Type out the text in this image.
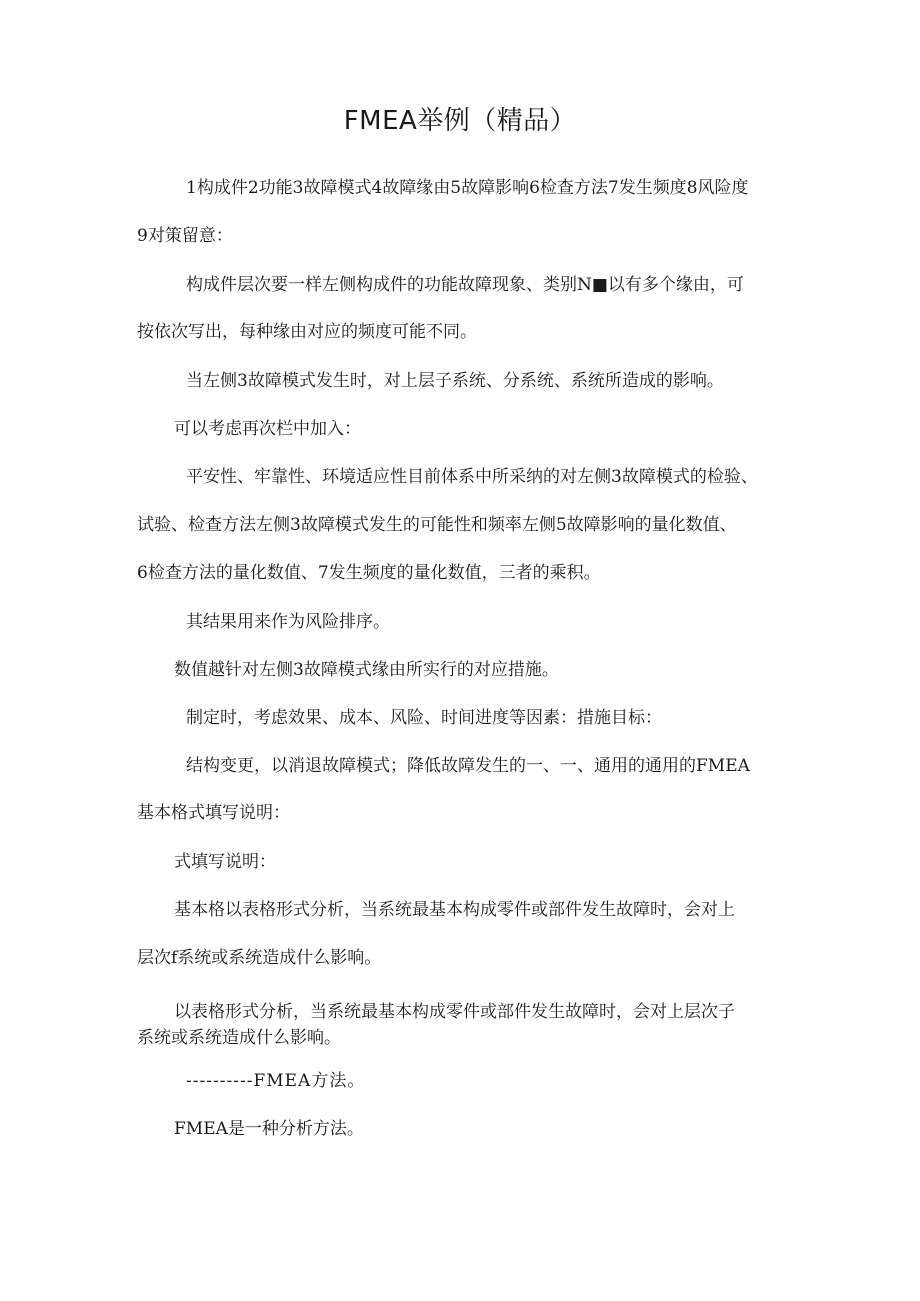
FMEA举例（精品）
1构成件2功能3故障模式4故障缘由5故障影响6检查方法7发生频度8风险度
9对策留意：
构成件层次要一样左侧构成件的功能故障现象、类别N■以有多个缘由，可
按依次写出，每种缘由对应的频度可能不同。
当左侧3故障模式发生时，对上层子系统、分系统、系统所造成的影响。
可以考虑再次栏中加入：
平安性、牢靠性、环境适应性目前体系中所采纳的对左侧3故障模式的检验、
试验、检查方法左侧3故障模式发生的可能性和频率左侧5故障影响的量化数值、
6检查方法的量化数值、7发生频度的量化数值，三者的乘积。
其结果用来作为风险排序。
数值越针对左侧3故障模式缘由所实行的对应措施。
制定时，考虑效果、成本、风险、时间进度等因素：措施目标：
结构变更，以消退故障模式；降低故障发生的一、一、通用的通用的FMEA
基本格式填写说明：
式填写说明：
基本格以表格形式分析，当系统最基本构成零件或部件发生故障时，会对上
层次f系统或系统造成什么影响。
以表格形式分析，当系统最基本构成零件或部件发生故障时，会对上层次子
系统或系统造成什么影响。
----------FMEA方法。
FMEA是一种分析方法。
